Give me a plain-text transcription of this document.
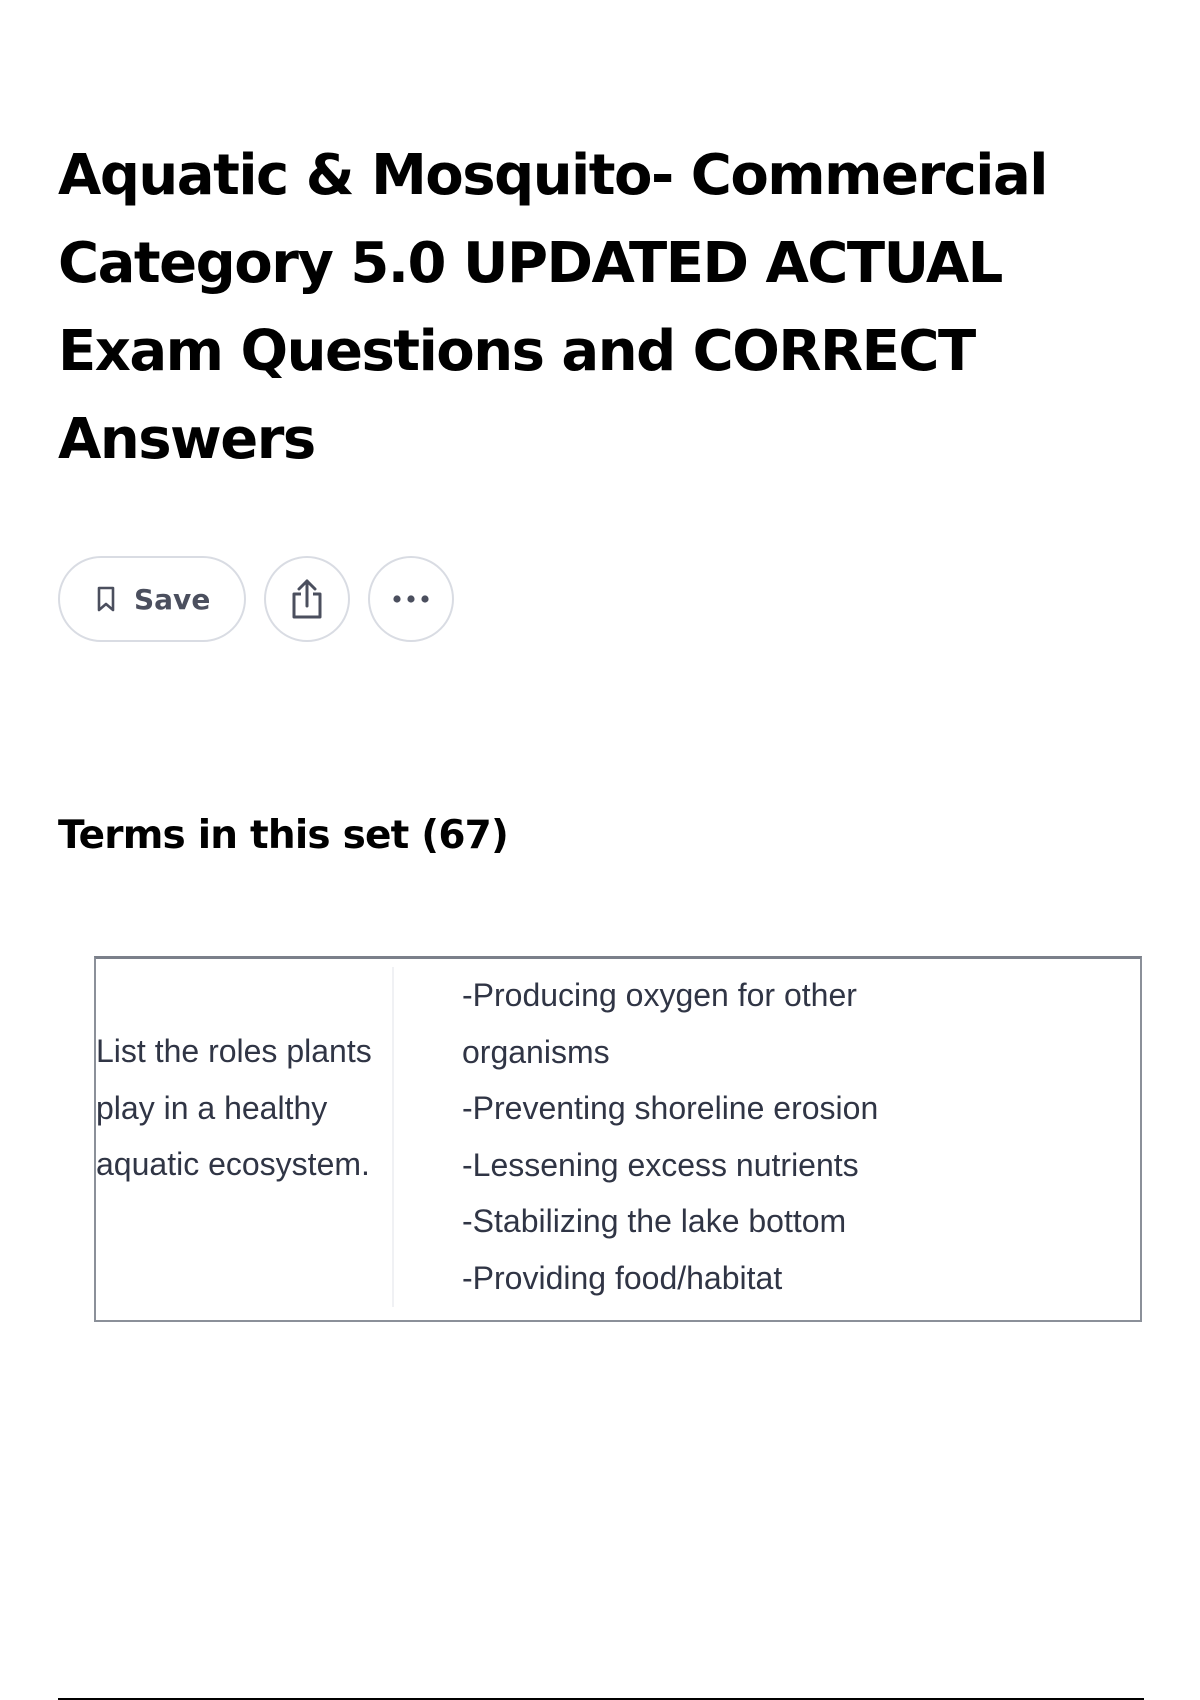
Aquatic & Mosquito- Commercial Category 5.0 UPDATED ACTUAL Exam Questions and CORRECT Answers
Save
Terms in this set (67)
List the roles plants play in a healthy aquatic ecosystem.
-Producing oxygen for other
organisms
-Preventing shoreline erosion
-Lessening excess nutrients
-Stabilizing the lake bottom
-Providing food/habitat
